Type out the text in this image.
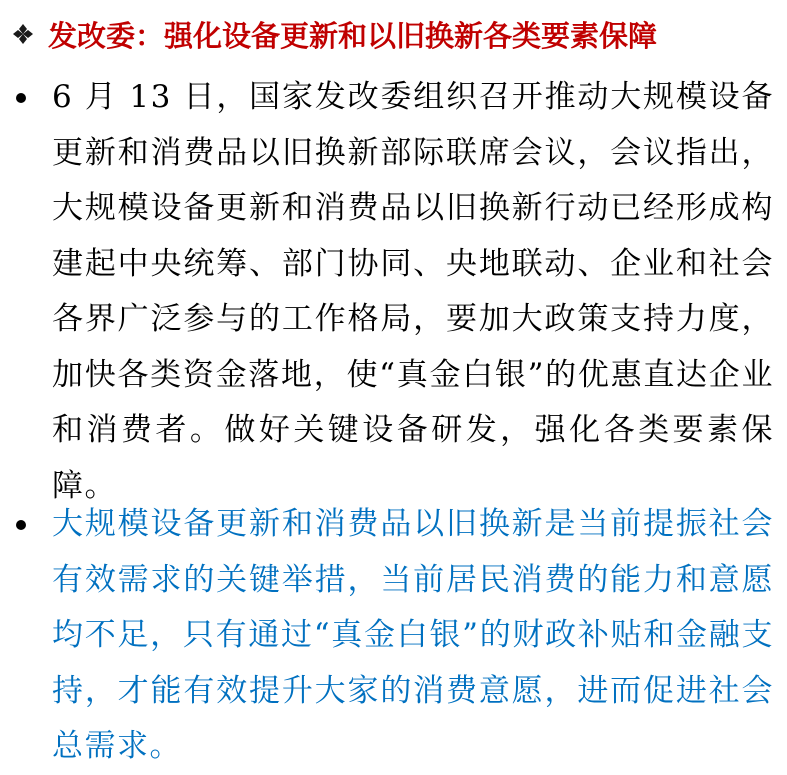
发改委：强化设备更新和以旧换新各类要素保障

6 月 13 日，国家发改委组织召开推动大规模设备更新和消费品以旧换新部际联席会议，会议指出，大规模设备更新和消费品以旧换新行动已经形成构建起中央统筹、部门协同、央地联动、企业和社会各界广泛参与的工作格局，要加大政策支持力度，加快各类资金落地，使“真金白银”的优惠直达企业和消费者。做好关键设备研发，强化各类要素保障。

大规模设备更新和消费品以旧换新是当前提振社会有效需求的关键举措，当前居民消费的能力和意愿均不足，只有通过“真金白银”的财政补贴和金融支持，才能有效提升大家的消费意愿，进而促进社会总需求。
